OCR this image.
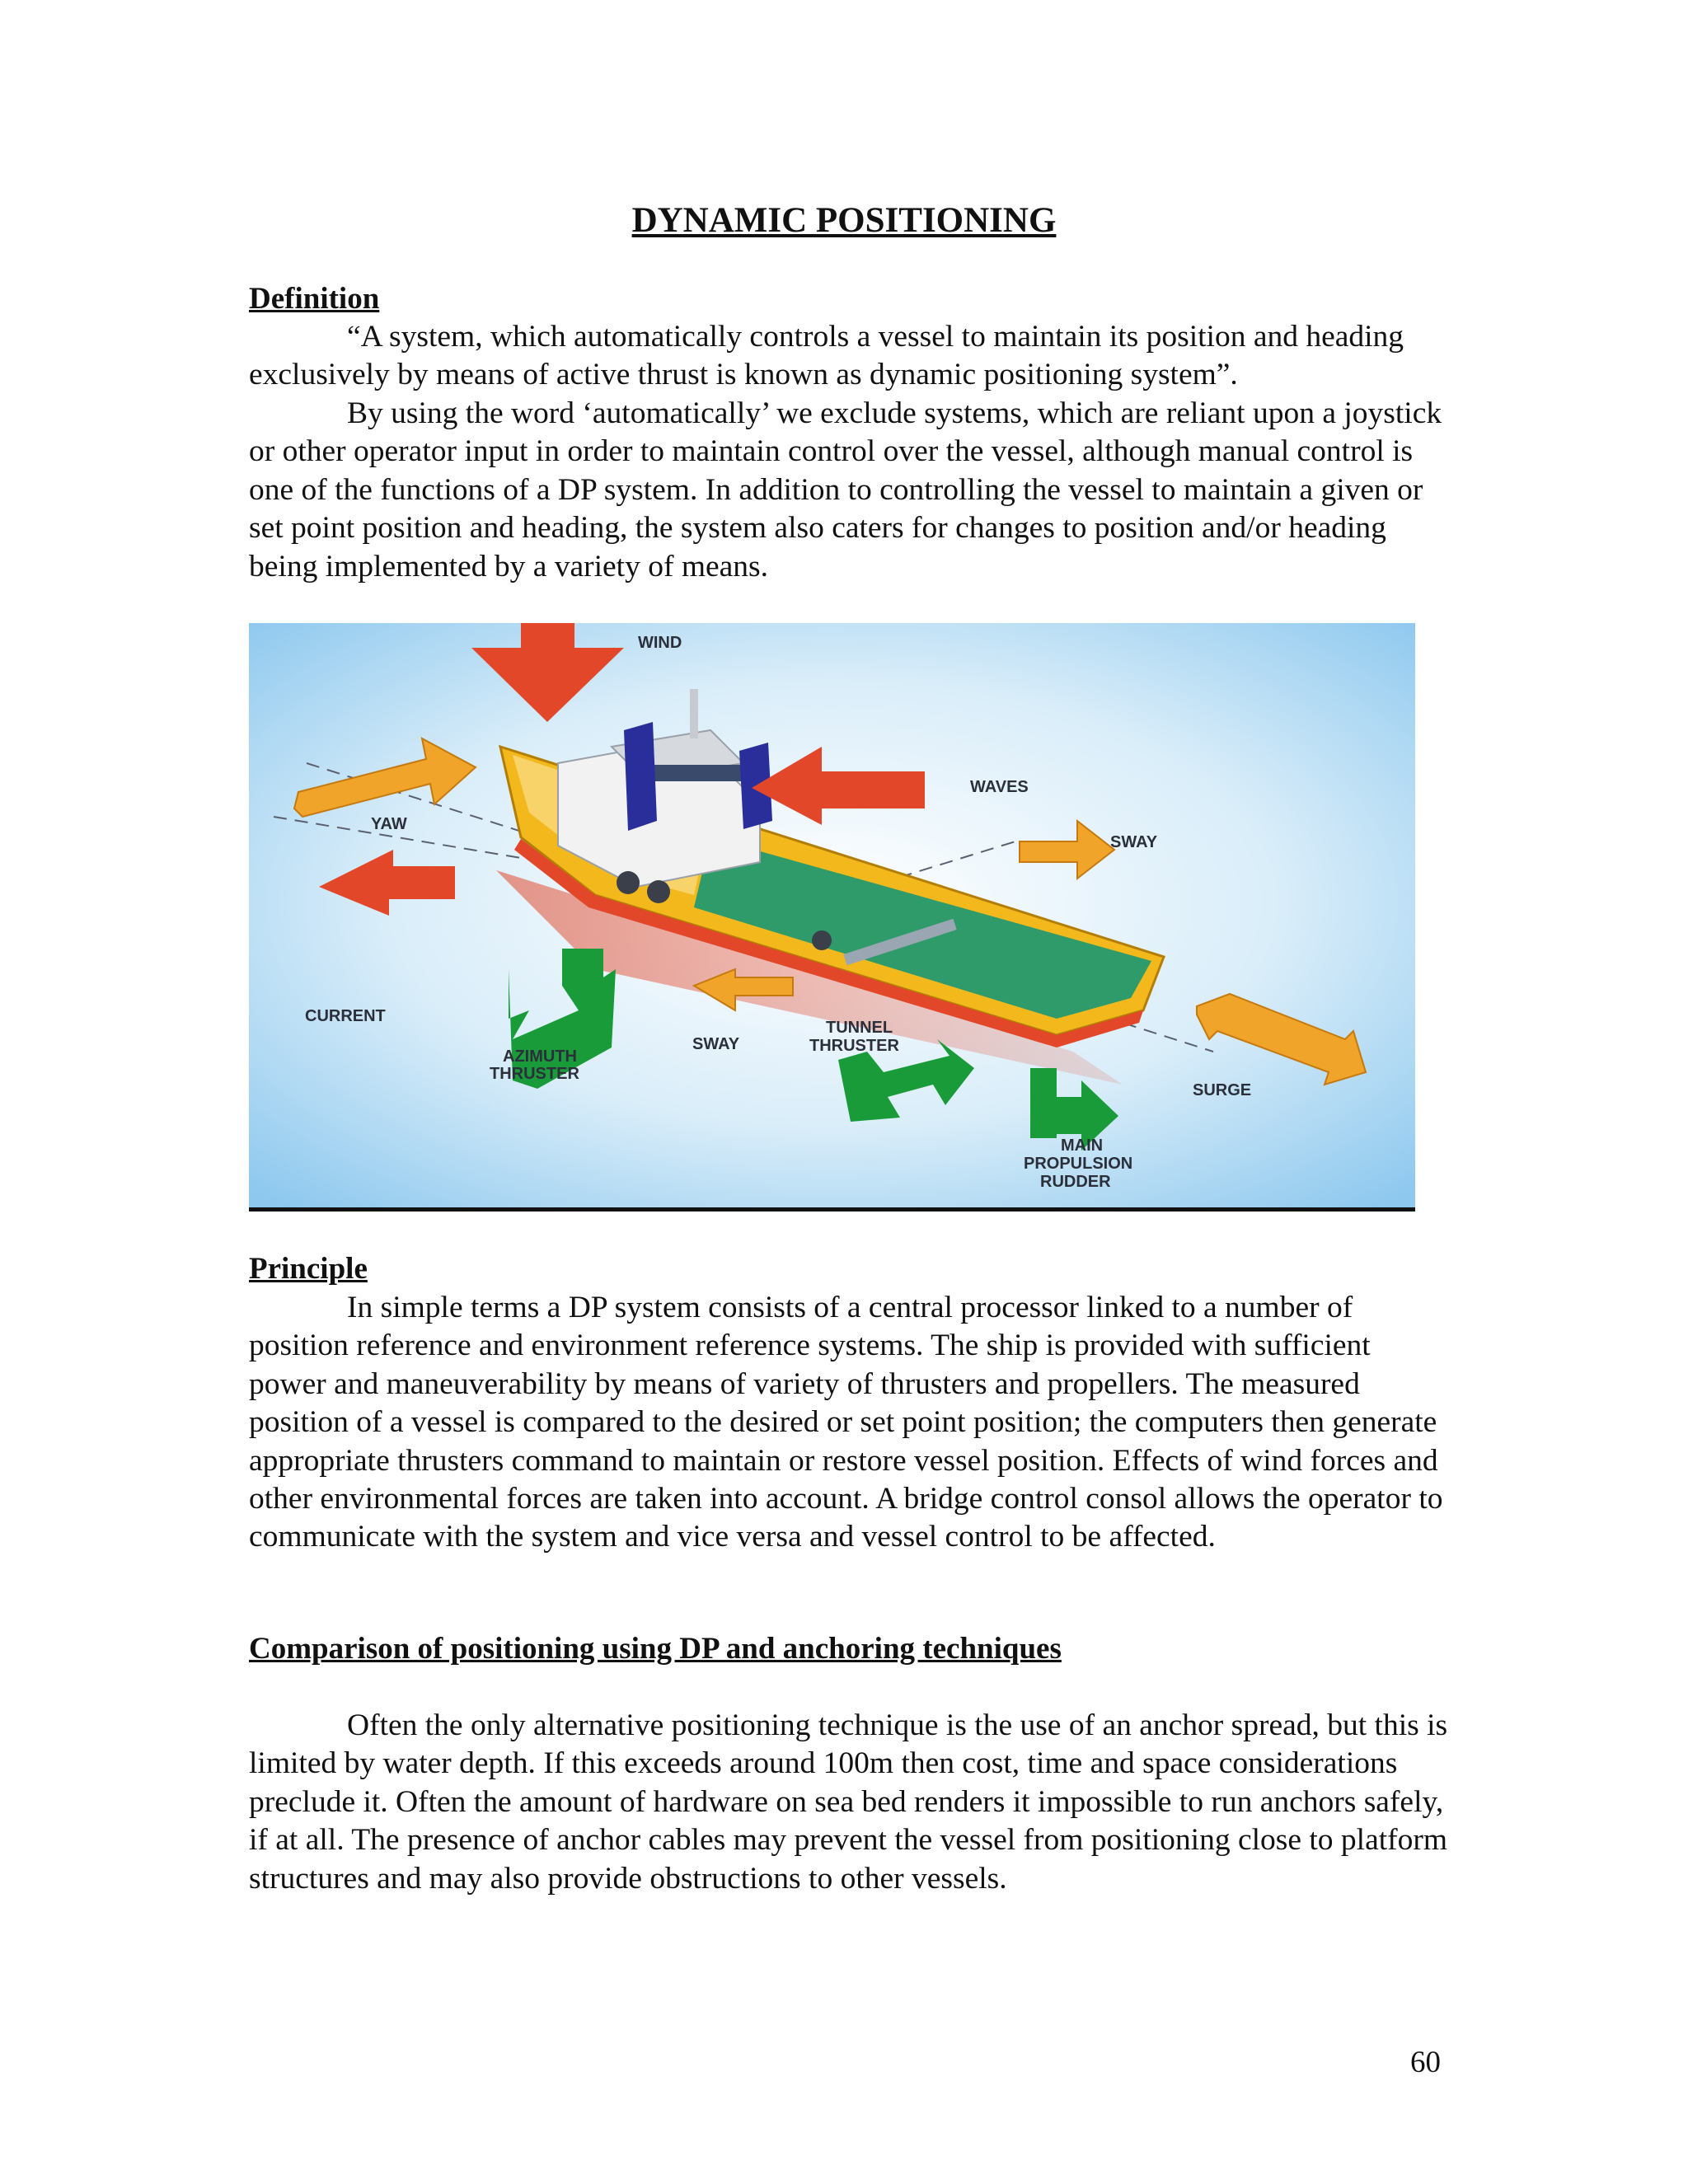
DYNAMIC POSITIONING
Definition

“A system, which automatically controls a vessel to maintain its position and heading exclusively by means of active thrust is known as dynamic positioning system”.

By using the word ‘automatically’ we exclude systems, which are reliant upon a joystick or other operator input in order to maintain control over the vessel, although manual control is one of the functions of a DP system. In addition to controlling the vessel to maintain a given or set point position and heading, the system also caters for changes to position and/or heading being implemented by a variety of means.

WIND
WAVES
SWAY
YAW
CURRENT
AZIMUTH
THRUSTER
SWAY
TUNNEL
THRUSTER
SURGE
MAIN
PROPULSION
RUDDER
Principle

In simple terms a DP system consists of a central processor linked to a number of position reference and environment reference systems. The ship is provided with sufficient power and maneuverability by means of variety of thrusters and propellers. The measured position of a vessel is compared to the desired or set point position; the computers then generate appropriate thrusters command to maintain or restore vessel position. Effects of wind forces and other environmental forces are taken into account. A bridge control consol allows the operator to communicate with the system and vice versa and vessel control to be affected.

Comparison of positioning using DP and anchoring techniques

Often the only alternative positioning technique is the use of an anchor spread, but this is limited by water depth. If this exceeds around 100m then cost, time and space considerations preclude it. Often the amount of hardware on sea bed renders it impossible to run anchors safely, if at all. The presence of anchor cables may prevent the vessel from positioning close to platform structures and may also provide obstructions to other vessels.

60
